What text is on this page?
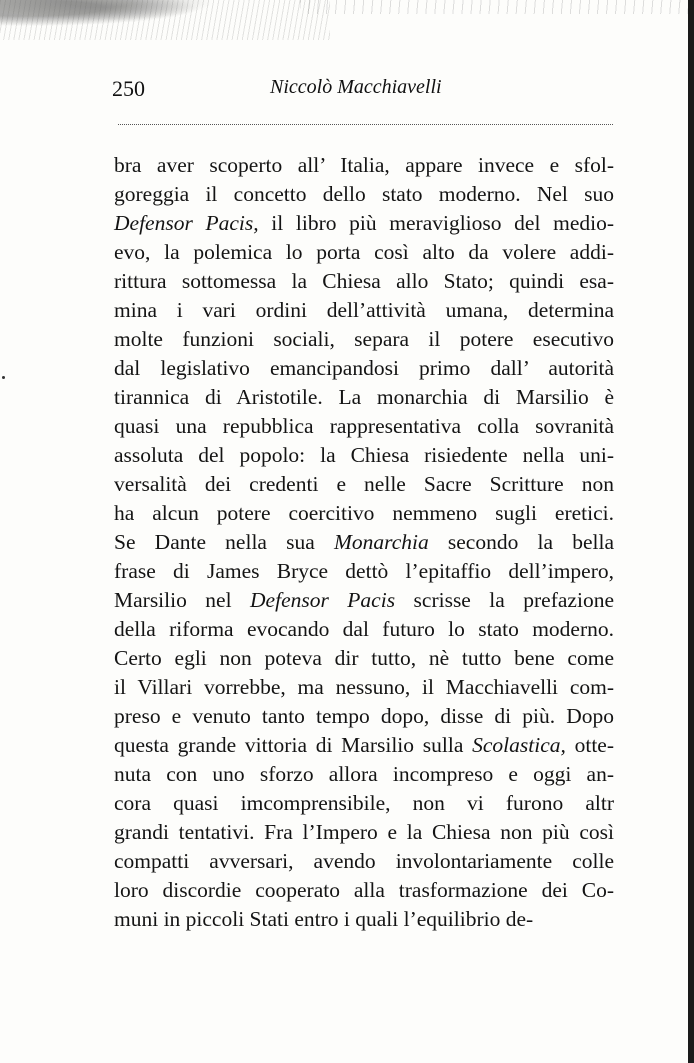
250	Niccolò Macchiavelli
bra aver scoperto all’ Italia, appare invece e sfol-
goreggia il concetto dello stato moderno. Nel suo
Defensor Pacis, il libro più meraviglioso del medio-
evo, la polemica lo porta così alto da volere addi-
rittura sottomessa la Chiesa allo Stato; quindi esa-
mina i vari ordini dell’attività umana, determina
molte funzioni sociali, separa il potere esecutivo
dal legislativo emancipandosi primo dall’ autorità
tirannica di Aristotile. La monarchia di Marsilio è
quasi una repubblica rappresentativa colla sovranità
assoluta del popolo: la Chiesa risiedente nella uni-
versalità dei credenti e nelle Sacre Scritture non
ha alcun potere coercitivo nemmeno sugli eretici.
Se Dante nella sua Monarchia secondo la bella
frase di James Bryce dettò l’epitaffio dell’impero,
Marsilio nel Defensor Pacis scrisse la prefazione
della riforma evocando dal futuro lo stato moderno.
Certo egli non poteva dir tutto, nè tutto bene come
il Villari vorrebbe, ma nessuno, il Macchiavelli com-
preso e venuto tanto tempo dopo, disse di più. Dopo
questa grande vittoria di Marsilio sulla Scolastica, otte-
nuta con uno sforzo allora incompreso e oggi an-
cora quasi imcomprensibile, non vi furono altr
grandi tentativi. Fra l’Impero e la Chiesa non più così
compatti avversari, avendo involontariamente colle
loro discordie cooperato alla trasformazione dei Co-
muni in piccoli Stati entro i quali l’equilibrio de-
